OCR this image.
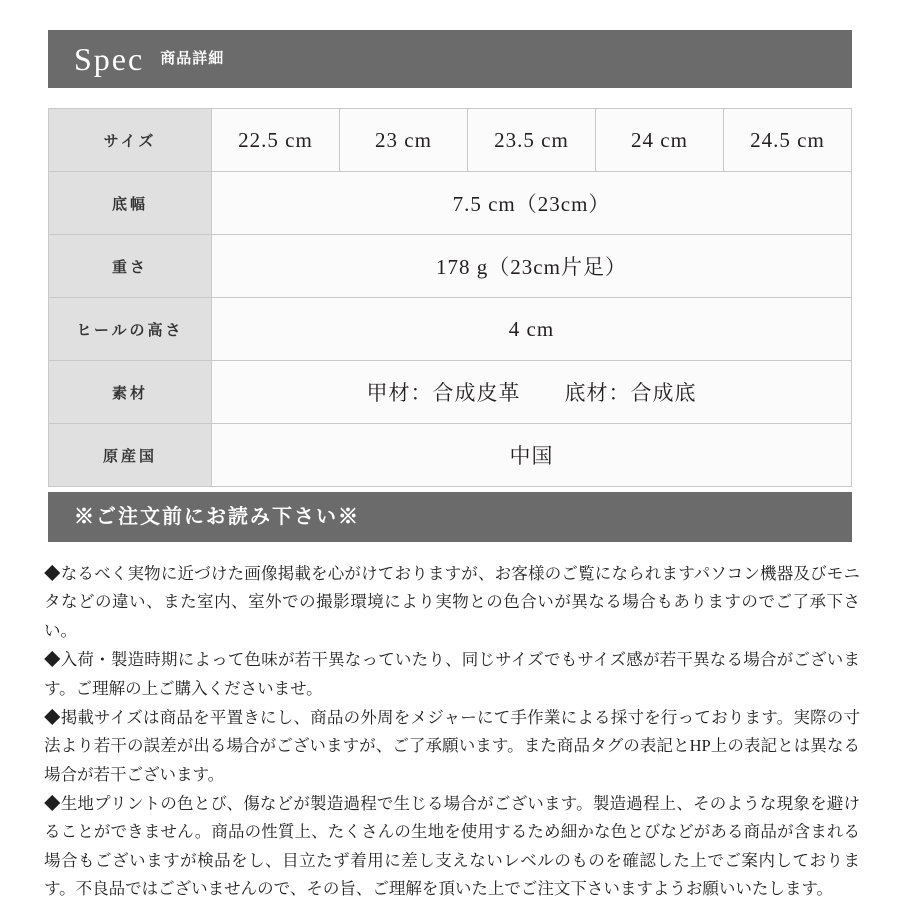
Spec 商品詳細
サイズ	22.5 cm	23 cm	23.5 cm	24 cm	24.5 cm
底幅	7.5 cm（23cm）				
重さ	178 g（23cm片足）				
ヒールの高さ	4 cm				
素材	甲材：合成皮革　　底材：合成底				
原産国	中国				
※ご注文前にお読み下さい※

◆なるべく実物に近づけた画像掲載を心がけておりますが、お客様のご覧になられますパソコン機器及びモニタなどの違い、また室内、室外での撮影環境により実物との色合いが異なる場合もありますのでご了承下さい。

◆入荷・製造時期によって色味が若干異なっていたり、同じサイズでもサイズ感が若干異なる場合がございます。ご理解の上ご購入くださいませ。

◆掲載サイズは商品を平置きにし、商品の外周をメジャーにて手作業による採寸を行っております。実際の寸法より若干の誤差が出る場合がございますが、ご了承願います。また商品タグの表記とHP上の表記とは異なる場合が若干ございます。

◆生地プリントの色とび、傷などが製造過程で生じる場合がございます。製造過程上、そのような現象を避けることができません。商品の性質上、たくさんの生地を使用するため細かな色とびなどがある商品が含まれる場合もございますが検品をし、目立たず着用に差し支えないレベルのものを確認した上でご案内しております。不良品ではございませんので、その旨、ご理解を頂いた上でご注文下さいますようお願いいたします。
